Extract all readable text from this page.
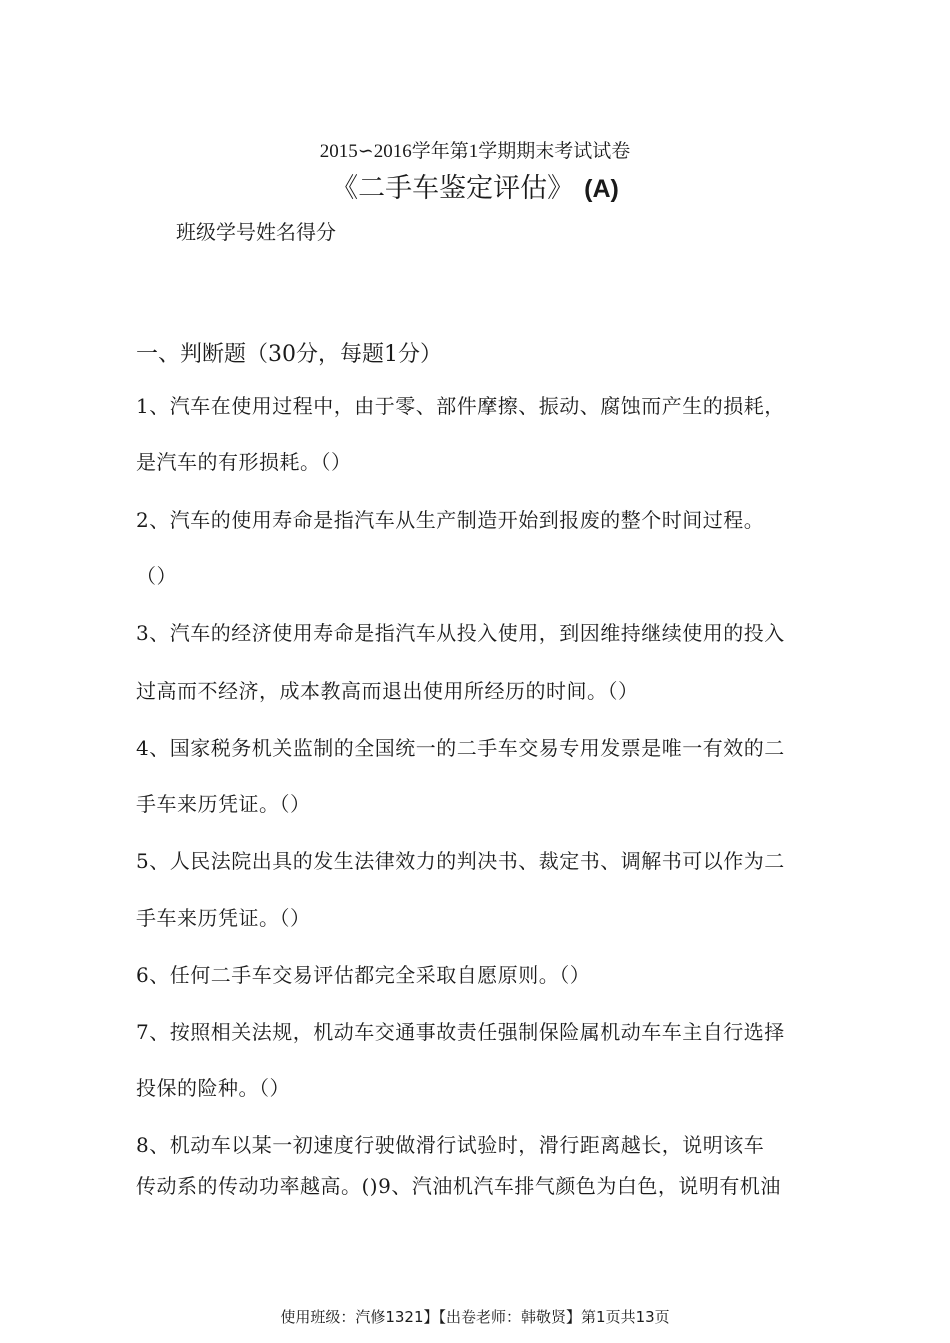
2015∽2016学年第1学期期末考试试卷
《二手车鉴定评估》 (A)
班级学号姓名得分
一、判断题（30分，每题1分）
1、汽车在使用过程中，由于零、部件摩擦、振动、腐蚀而产生的损耗，
是汽车的有形损耗。（）
2、汽车的使用寿命是指汽车从生产制造开始到报废的整个时间过程。
（）
3、汽车的经济使用寿命是指汽车从投入使用，到因维持继续使用的投入
过高而不经济，成本教高而退出使用所经历的时间。（）
4、国家税务机关监制的全国统一的二手车交易专用发票是唯一有效的二
手车来历凭证。（）
5、人民法院出具的发生法律效力的判决书、裁定书、调解书可以作为二
手车来历凭证。（）
6、任何二手车交易评估都完全采取自愿原则。（）
7、按照相关法规，机动车交通事故责任强制保险属机动车车主自行选择
投保的险种。（）
8、机动车以某一初速度行驶做滑行试验时，滑行距离越长，说明该车
传动系的传动功率越高。()9、汽油机汽车排气颜色为白色，说明有机油
使用班级：汽修1321】【出卷老师：韩敬贤】第1页共13页
